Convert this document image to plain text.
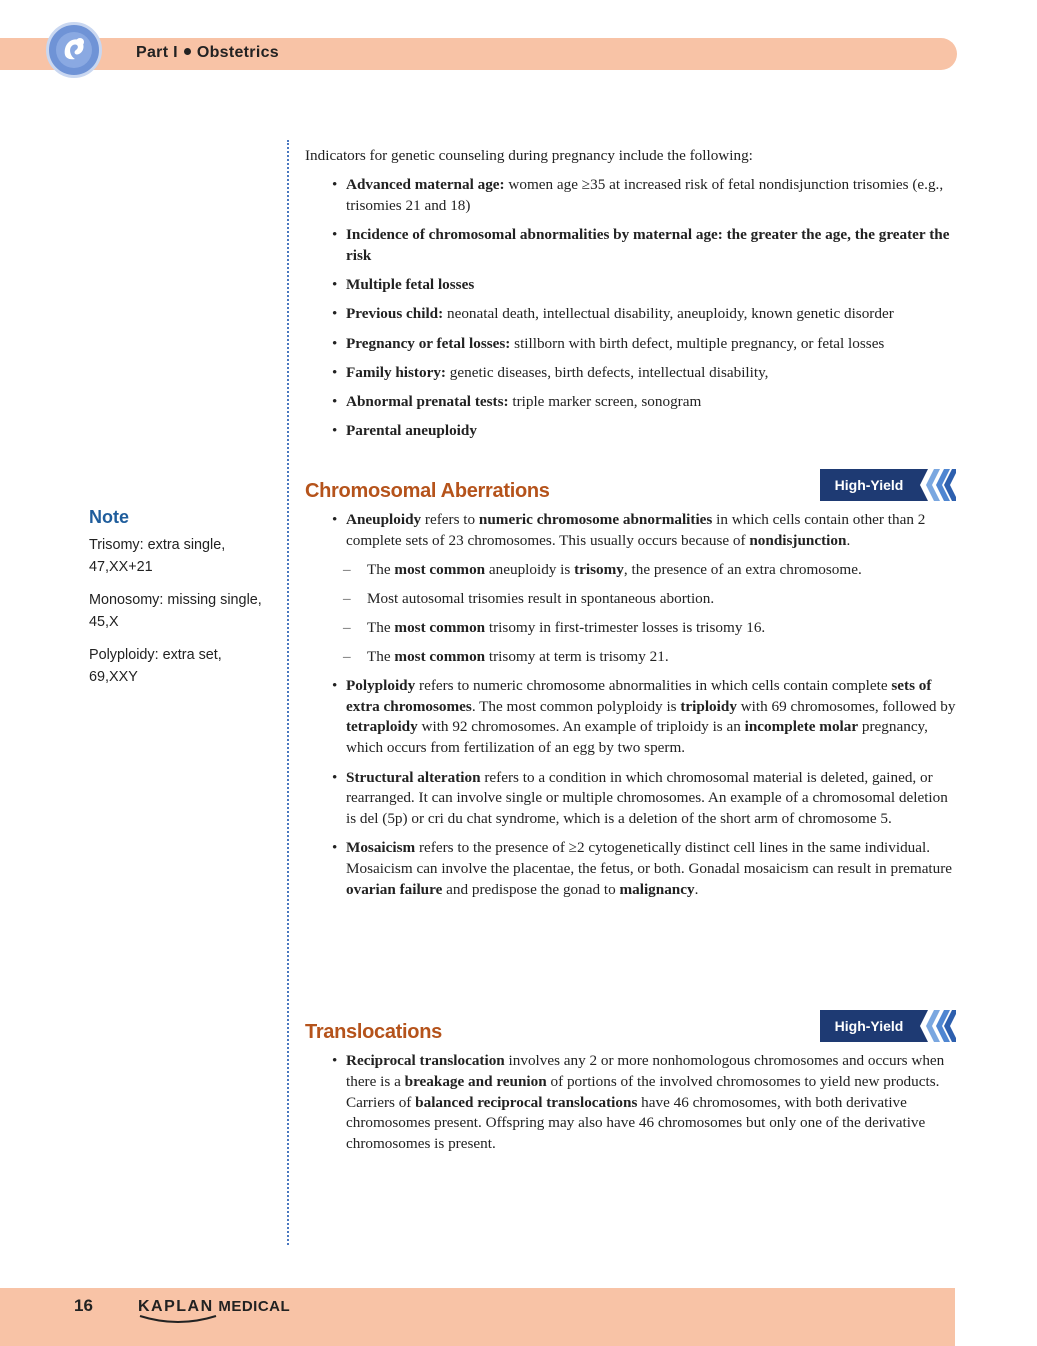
Part I Obstetrics
Note

Trisomy: extra single, 47,XX+21

Monosomy: missing single, 45,X

Polyploidy: extra set, 69,XXY

Indicators for genetic counseling during pregnancy include the following:

• Advanced maternal age: women age ≥35 at increased risk of fetal nondisjunction trisomies (e.g., trisomies 21 and 18)
• Incidence of chromosomal abnormalities by maternal age: the greater the age, the greater the risk
• Multiple fetal losses
• Previous child: neonatal death, intellectual disability, aneuploidy, known genetic disorder
• Pregnancy or fetal losses: stillborn with birth defect, multiple pregnancy, or fetal losses
• Family history: genetic diseases, birth defects, intellectual disability,
• Abnormal prenatal tests: triple marker screen, sonogram
• Parental aneuploidy
Chromosomal Aberrations	High-Yield
• Aneuploidy refers to numeric chromosome abnormalities in which cells contain other than 2 complete sets of 23 chromosomes. This usually occurs because of nondisjunction.
– The most common aneuploidy is trisomy, the presence of an extra chromosome.
– Most autosomal trisomies result in spontaneous abortion.
– The most common trisomy in first-trimester losses is trisomy 16.
– The most common trisomy at term is trisomy 21.
• Polyploidy refers to numeric chromosome abnormalities in which cells contain complete sets of extra chromosomes. The most common polyploidy is triploidy with 69 chromosomes, followed by tetraploidy with 92 chromosomes. An example of triploidy is an incomplete molar pregnancy, which occurs from fertilization of an egg by two sperm.
• Structural alteration refers to a condition in which chromosomal material is deleted, gained, or rearranged. It can involve single or multiple chromosomes. An example of a chromosomal deletion is del (5p) or cri du chat syndrome, which is a deletion of the short arm of chromosome 5.
• Mosaicism refers to the presence of ≥2 cytogenetically distinct cell lines in the same individual. Mosaicism can involve the placentae, the fetus, or both. Gonadal mosaicism can result in premature ovarian failure and predispose the gonad to malignancy.
Translocations	High-Yield
• Reciprocal translocation involves any 2 or more nonhomologous chromosomes and occurs when there is a breakage and reunion of portions of the involved chromosomes to yield new products. Carriers of balanced reciprocal translocations have 46 chromosomes, with both derivative chromosomes present. Offspring may also have 46 chromosomes but only one of the derivative chromosomes is present.
16	KAPLAN MEDICAL
